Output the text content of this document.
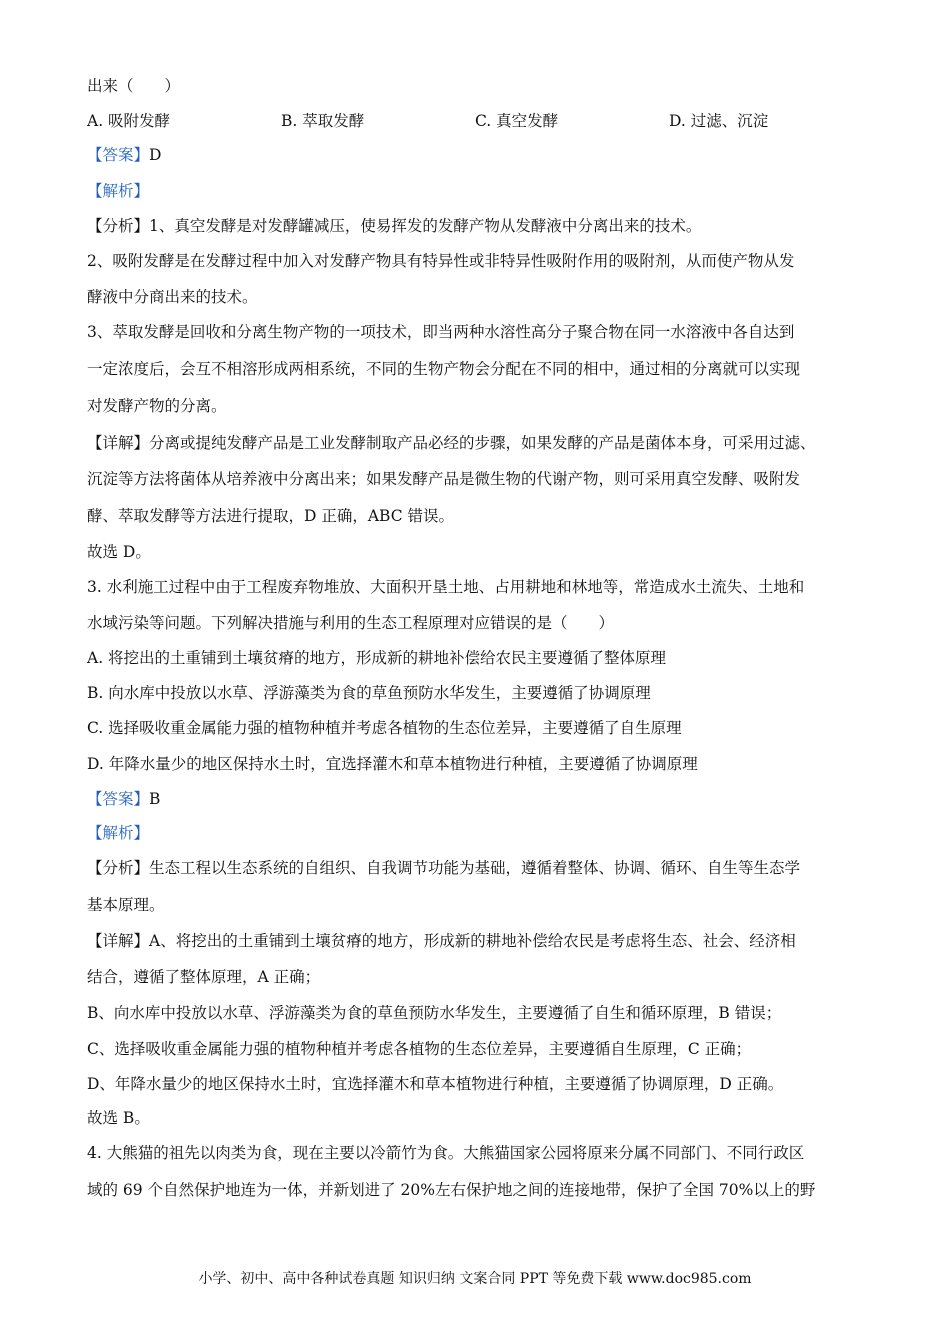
出来（　　）
A. 吸附发酵	B. 萃取发酵	C. 真空发酵	D. 过滤、沉淀
【答案】D
【解析】
【分析】1、真空发酵是对发酵罐减压，使易挥发的发酵产物从发酵液中分离出来的技术。
2、吸附发酵是在发酵过程中加入对发酵产物具有特异性或非特异性吸附作用的吸附剂，从而使产物从发
酵液中分商出来的技术。
3、萃取发酵是回收和分离生物产物的一项技术，即当两种水溶性高分子聚合物在同一水溶液中各自达到
一定浓度后，会互不相溶形成两相系统，不同的生物产物会分配在不同的相中，通过相的分离就可以实现
对发酵产物的分离。
【详解】分离或提纯发酵产品是工业发酵制取产品必经的步骤，如果发酵的产品是菌体本身，可采用过滤、
沉淀等方法将菌体从培养液中分离出来；如果发酵产品是微生物的代谢产物，则可采用真空发酵、吸附发
酵、萃取发酵等方法进行提取，D 正确，ABC 错误。
故选 D。
3. 水利施工过程中由于工程废弃物堆放、大面积开垦土地、占用耕地和林地等，常造成水土流失、土地和
水域污染等问题。下列解决措施与利用的生态工程原理对应错误的是（　　）
A. 将挖出的土重铺到土壤贫瘠的地方，形成新的耕地补偿给农民主要遵循了整体原理
B. 向水库中投放以水草、浮游藻类为食的草鱼预防水华发生，主要遵循了协调原理
C. 选择吸收重金属能力强的植物种植并考虑各植物的生态位差异，主要遵循了自生原理
D. 年降水量少的地区保持水土时，宜选择灌木和草本植物进行种植，主要遵循了协调原理
【答案】B
【解析】
【分析】生态工程以生态系统的自组织、自我调节功能为基础，遵循着整体、协调、循环、自生等生态学
基本原理。
【详解】A、将挖出的土重铺到土壤贫瘠的地方，形成新的耕地补偿给农民是考虑将生态、社会、经济相
结合，遵循了整体原理，A 正确；
B、向水库中投放以水草、浮游藻类为食的草鱼预防水华发生，主要遵循了自生和循环原理，B 错误；
C、选择吸收重金属能力强的植物种植并考虑各植物的生态位差异，主要遵循自生原理，C 正确；
D、年降水量少的地区保持水土时，宜选择灌木和草本植物进行种植，主要遵循了协调原理，D 正确。
故选 B。
4. 大熊猫的祖先以肉类为食，现在主要以冷箭竹为食。大熊猫国家公园将原来分属不同部门、不同行政区
域的 69 个自然保护地连为一体，并新划进了 20%左右保护地之间的连接地带，保护了全国 70%以上的野
小学、初中、高中各种试卷真题 知识归纳 文案合同 PPT 等免费下载 www.doc985.com
